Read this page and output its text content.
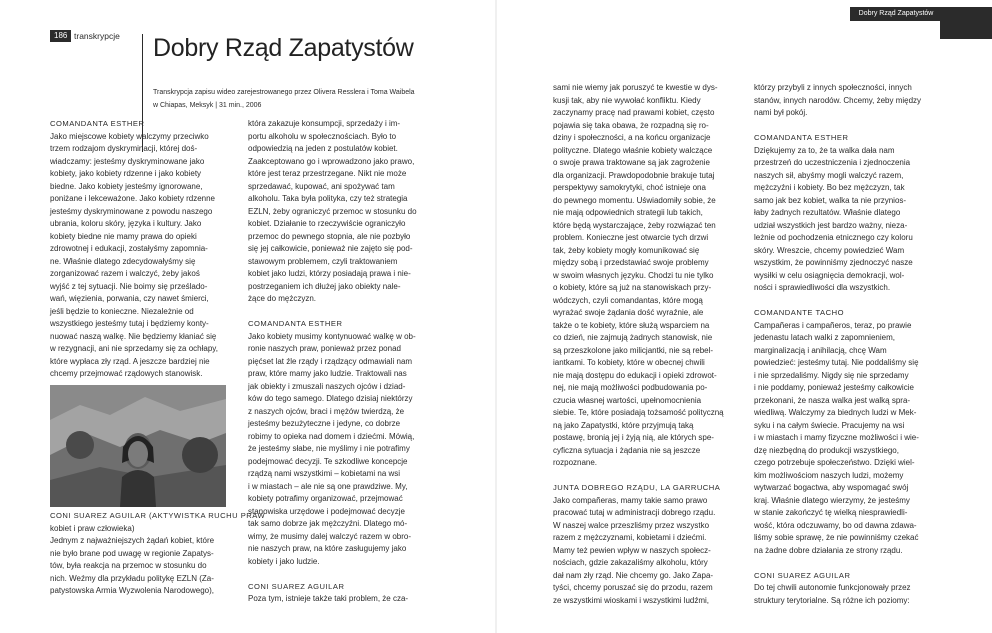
186 transkrypcje Dobry Rząd Zapatystów
Transkrypcja zapisu wideo zarejestrowanego przez Olivera Resslera i Toma Waibela
w Chiapas, Meksyk | 31 min., 2006

COMANDANTA ESTHER

Jako miejscowe kobiety walczymy przeciwko

trzem rodzajom dyskryminacji, której doś-

wiadczamy: jesteśmy dyskryminowane jako

kobiety, jako kobiety rdzenne i jako kobiety

biedne. Jako kobiety jesteśmy ignorowane,

poniżane i lekceważone. Jako kobiety rdzenne

jesteśmy dyskryminowane z powodu naszego

ubrania, koloru skóry, języka i kultury. Jako

kobiety biedne nie mamy prawa do opieki

zdrowotnej i edukacji, zostałyśmy zapomnia-

ne. Właśnie dlatego zdecydowałyśmy się

zorganizować razem i walczyć, żeby jakoś

wyjść z tej sytuacji. Nie boimy się prześlado-

wań, więzienia, porwania, czy nawet śmierci,

jeśli będzie to konieczne. Niezależnie od

wszystkiego jesteśmy tutaj i będziemy konty-

nuować naszą walkę. Nie będziemy kłaniać się

w rezygnacji, ani nie sprzedamy się za ochłapy,

które wypłaca zły rząd. A jeszcze bardziej nie

chcemy przejmować rządowych stanowisk.

CONI SUAREZ AGUILAR (AKTYWISTKA RUCHU PRAW

kobiet i praw człowieka)

Jednym z najważniejszych żądań kobiet, które

nie było brane pod uwagę w regionie Zapatys-

tów, była reakcja na przemoc w stosunku do

nich. Weźmy dla przykładu politykę EZLN (Za-

patystowska Armia Wyzwolenia Narodowego),

która zakazuje konsumpcji, sprzedaży i im-

portu alkoholu w społecznościach. Było to

odpowiedzią na jeden z postulatów kobiet.

Zaakceptowano go i wprowadzono jako prawo,

które jest teraz przestrzegane. Nikt nie może

sprzedawać, kupować, ani spożywać tam

alkoholu. Taka była polityka, czy też strategia

EZLN, żeby ograniczyć przemoc w stosunku do

kobiet. Działanie to rzeczywiście ograniczyło

przemoc do pewnego stopnia, ale nie pozbyło

się jej całkowicie, ponieważ nie zajęto się pod-

stawowym problemem, czyli traktowaniem

kobiet jako ludzi, którzy posiadają prawa i nie-

postrzeganiem ich dłużej jako obiekty nale-

żące do mężczyzn.

COMANDANTA ESTHER

Jako kobiety musimy kontynuować walkę w ob-

ronie naszych praw, ponieważ przez ponad

pięćset lat źle rządy i rządzący odmawiali nam

praw, które mamy jako ludzie. Traktowali nas

jak obiekty i zmuszali naszych ojców i dziad-

ków do tego samego. Dlatego dzisiaj niektórzy

z naszych ojców, braci i mężów twierdzą, że

jesteśmy bezużyteczne i jedyne, co dobrze

robimy to opieka nad domem i dziećmi. Mówią,

że jesteśmy słabe, nie myślimy i nie potrafimy

podejmować decyzji. Te szkodliwe koncepcje

rządzą nami wszystkimi – kobietami na wsi

i w miastach – ale nie są one prawdziwe. My,

kobiety potrafimy organizować, przejmować

stanowiska urzędowe i podejmować decyzje

tak samo dobrze jak mężczyźni. Dlatego mó-

wimy, że musimy dalej walczyć razem w obro-

nie naszych praw, na które zasługujemy jako

kobiety i jako ludzie.

CONI SUAREZ AGUILAR

Poza tym, istnieje także taki problem, że cza-

Dobry Rząd Zapatystów

sami nie wiemy jak poruszyć te kwestie w dys-

kusji tak, aby nie wywołać konfliktu. Kiedy

zaczynamy pracę nad prawami kobiet, często

pojawia się taka obawa, że rozpadną się ro-

dziny i społeczności, a na końcu organizacje

polityczne. Dlatego właśnie kobiety walczące

o swoje prawa traktowane są jak zagrożenie

dla organizacji. Prawdopodobnie brakuje tutaj

perspektywy samokrytyki, choć istnieje ona

do pewnego momentu. Uświadomiły sobie, że

nie mają odpowiednich strategii lub takich,

które będą wystarczające, żeby rozwiązać ten

problem. Konieczne jest otwarcie tych drzwi

tak, żeby kobiety mogły komunikować się

między sobą i przedstawiać swoje problemy

w swoim własnych języku. Chodzi tu nie tylko

o kobiety, które są już na stanowiskach przy-

wódczych, czyli comandantas, które mogą

wyrażać swoje żądania dość wyraźnie, ale

także o te kobiety, które służą wsparciem na

co dzień, nie zajmują żadnych stanowisk, nie

są przeszkolone jako milicjantki, nie są rebel-

iantkami. To kobiety, które w obecnej chwili

nie mają dostępu do edukacji i opieki zdrowot-

nej, nie mają możliwości podbudowania po-

czucia własnej wartości, upełnomocnienia

siebie. Te, które posiadają tożsamość polityczną

ną jako Zapatystki, które przyjmują taką

postawę, bronią jej i żyją nią, ale których spe-

cyficzna sytuacja i żądania nie są jeszcze

rozpoznane.

JUNTA DOBREGO RZĄDU, LA GARRUCHA

Jako compañeras, mamy takie samo prawo

pracować tutaj w administracji dobrego rządu.

W naszej walce przeszliśmy przez wszystko

razem z mężczyznami, kobietami i dziećmi.

Mamy też pewien wpływ w naszych społecz-

nościach, gdzie zakazaliśmy alkoholu, który

dał nam zły rząd. Nie chcemy go. Jako Zapa-

tyści, chcemy poruszać się do przodu, razem

ze wszystkimi wioskami i wszystkimi ludźmi,

którzy przybyli z innych społeczności, innych

stanów, innych narodów. Chcemy, żeby między

nami był pokój.

COMANDANTA ESTHER

Dziękujemy za to, że ta walka dała nam

przestrzeń do uczestniczenia i zjednoczenia

naszych sił, abyśmy mogli walczyć razem,

mężczyźni i kobiety. Bo bez mężczyzn, tak

samo jak bez kobiet, walka ta nie przynios-

łaby żadnych rezultatów. Właśnie dlatego

udział wszystkich jest bardzo ważny, nieza-

leżnie od pochodzenia etnicznego czy koloru

skóry. Wreszcie, chcemy powiedzieć Wam

wszystkim, że powinniśmy zjednoczyć nasze

wysiłki w celu osiągnięcia demokracji, wol-

ności i sprawiedliwości dla wszystkich.

COMANDANTE TACHO

Campañeras i campañeros, teraz, po prawie

jedenastu latach walki z zapomnieniem,

marginalizacją i anihilacją, chcę Wam

powiedzieć: jesteśmy tutaj. Nie poddaliśmy się

i nie sprzedaliśmy. Nigdy się nie sprzedamy

i nie poddamy, ponieważ jesteśmy całkowicie

przekonani, że nasza walka jest walką spra-

wiedliwą. Walczymy za biednych ludzi w Mek-

syku i na całym świecie. Pracujemy na wsi

i w miastach i mamy fizyczne możliwości i wie-

dzę niezbędną do produkcji wszystkiego,

czego potrzebuje społeczeństwo. Dzięki wiel-

kim możliwościom naszych ludzi, możemy

wytwarzać bogactwa, aby wspomagać swój

kraj. Właśnie dlatego wierzymy, że jesteśmy

w stanie zakończyć tę wielką niesprawiedli-

wość, która odczuwamy, bo od dawna zdawa-

liśmy sobie sprawę, że nie powinniśmy czekać

na żadne dobre działania ze strony rządu.

CONI SUAREZ AGUILAR

Do tej chwili autonomie funkcjonowały przez

struktury terytorialne. Są różne ich poziomy:
